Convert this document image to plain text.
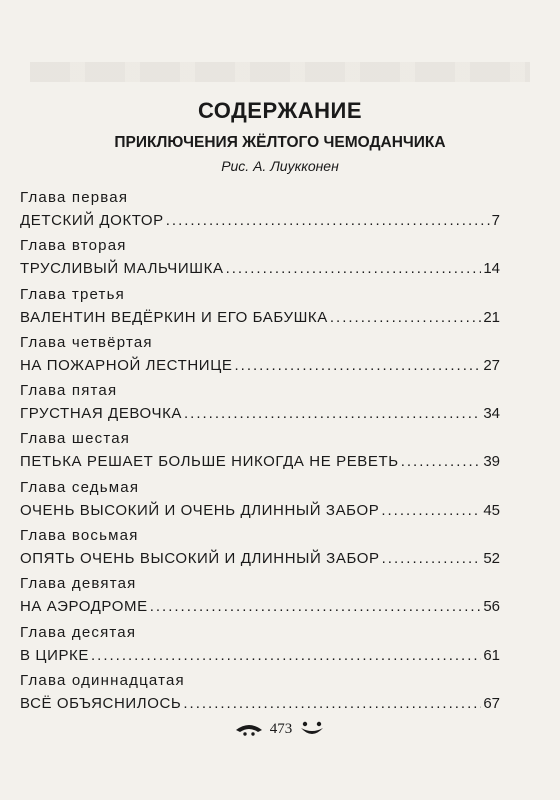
СОДЕРЖАНИЕ
ПРИКЛЮЧЕНИЯ ЖЁЛТОГО ЧЕМОДАНЧИКА
Рис. А. Лиукконен
Глава первая
ДЕТСКИЙ ДОКТОР .....	7
Глава вторая
ТРУСЛИВЫЙ МАЛЬЧИШКА .....	14
Глава третья
ВАЛЕНТИН ВЕДЁРКИН И ЕГО БАБУШКА .....	21
Глава четвёртая
НА ПОЖАРНОЙ ЛЕСТНИЦЕ .....	27
Глава пятая
ГРУСТНАЯ ДЕВОЧКА .....	34
Глава шестая
ПЕТЬКА РЕШАЕТ БОЛЬШЕ НИКОГДА НЕ РЕВЕТЬ .....	39
Глава седьмая
ОЧЕНЬ ВЫСОКИЙ И ОЧЕНЬ ДЛИННЫЙ ЗАБОР .....	45
Глава восьмая
ОПЯТЬ ОЧЕНЬ ВЫСОКИЙ И ДЛИННЫЙ ЗАБОР .....	52
Глава девятая
НА АЭРОДРОМЕ .....	56
Глава десятая
В ЦИРКЕ .....	61
Глава одиннадцатая
ВСЁ ОБЪЯСНИЛОСЬ .....	67
473
